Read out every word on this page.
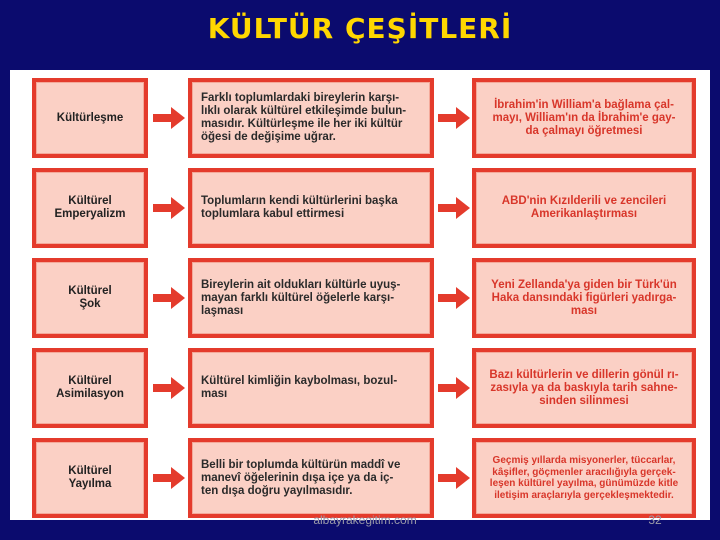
KÜLTÜR ÇEŞİTLERİ
Kültürleşme
Farklı toplumlardaki bireylerin karşı-
lıklı olarak kültürel etkileşimde bulun-
masıdır. Kültürleşme ile her iki kültür
öğesi de değişime uğrar.
İbrahim'in William'a bağlama çal-
mayı, William'ın da İbrahim'e gay-
da çalmayı öğretmesi
Kültürel
Emperyalizm
Toplumların kendi kültürlerini başka
toplumlara kabul ettirmesi
ABD'nin Kızılderili ve zencileri
Amerikanlaştırması
Kültürel
Şok
Bireylerin ait oldukları kültürle uyuş-
mayan farklı kültürel öğelerle karşı-
laşması
Yeni Zellanda'ya giden bir Türk'ün
Haka dansındaki figürleri yadırga-
ması
Kültürel
Asimilasyon
Kültürel kimliğin kaybolması, bozul-
ması
Bazı kültürlerin ve dillerin gönül rı-
zasıyla ya da baskıyla tarih sahne-
sinden silinmesi
Kültürel
Yayılma
Belli bir toplumda kültürün maddî ve
manevî öğelerinin dışa içe ya da iç-
ten dışa doğru yayılmasıdır.
Geçmiş yıllarda misyonerler, tüccarlar,
kâşifler, göçmenler aracılığıyla gerçek-
leşen kültürel yayılma, günümüzde kitle
iletişim araçlarıyla gerçekleşmektedir.
albayrakegitim.com	32
